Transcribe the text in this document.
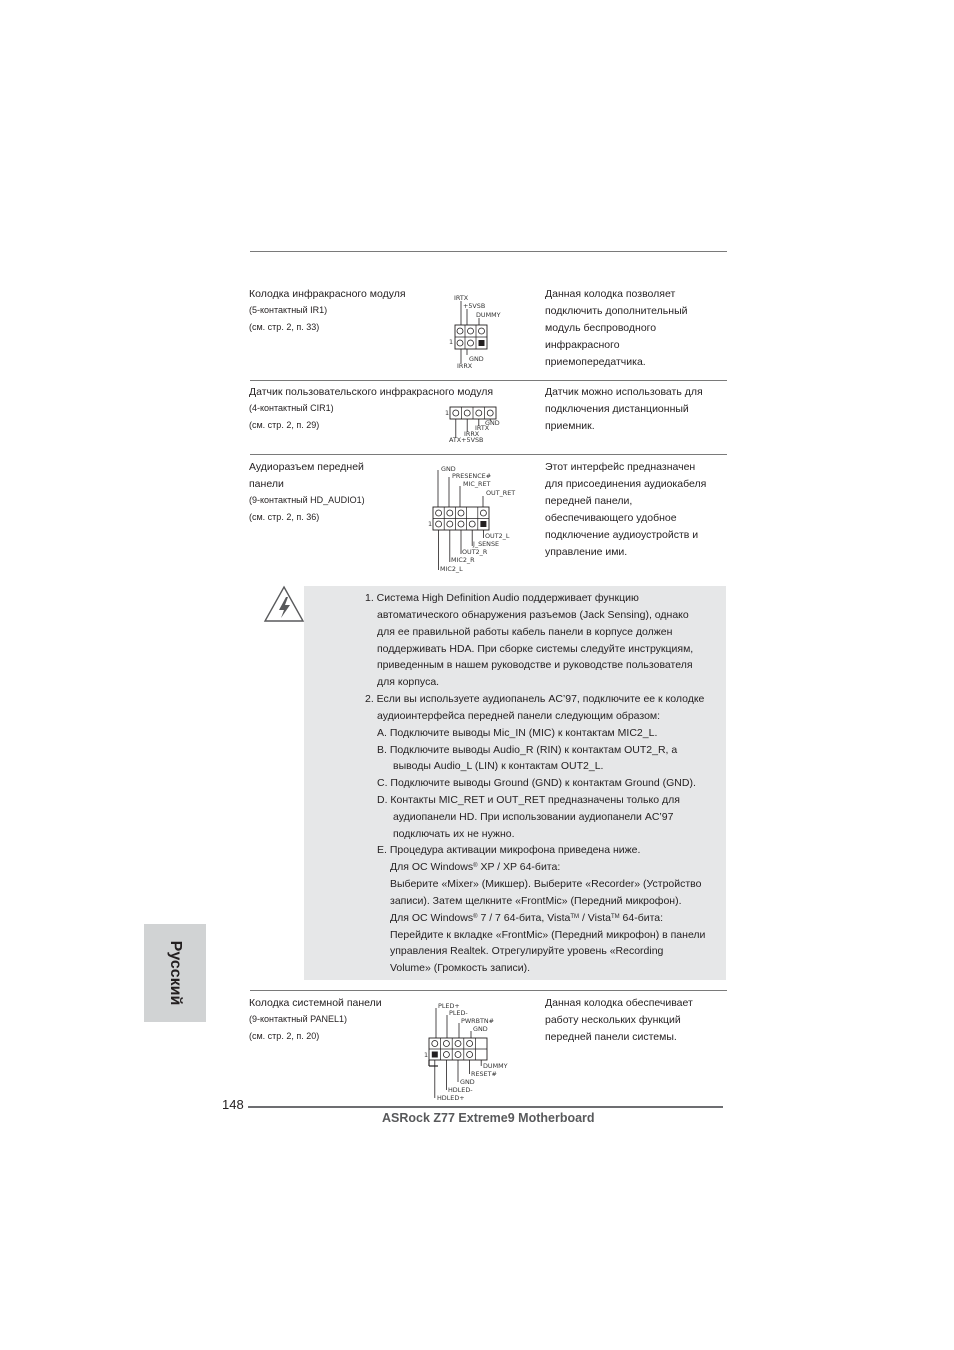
Колодка инфракрасного модуля
(5-контактный IR1)
(см. стр. 2, п. 33)
IRTX
+5VSB
DUMMY
GND
IRRX
1
Данная колодка позволяет
подключить дополнительный
модуль беспроводного
инфракрасного
приемопередатчика.
Датчик пользовательского инфракрасного модуля
(4-контактный CIR1)
(см. стр. 2, п. 29)	GND
IRTX
IRRX
ATX+5VSB
1
Датчик можно использовать для
подключения дистанционный
приемник.
Аудиоразъем передней
панели
(9-контактный HD_AUDIO1)
(см. стр. 2, п. 36)
GND
PRESENCE#
MIC_RET
OUT_RET
OUT2_L
J_SENSE
OUT2_R
MIC2_R
MIC2_L
1
Этот интерфейс предназначен
для присоединения аудиокабеля
передней панели,
обеспечивающего удобное
подключение аудиоустройств и
управление ими.
1. Система High Definition Audio поддерживает функцию
автоматического обнаружения разъемов (Jack Sensing), однако
для ее правильной работы кабель панели в корпусе должен
поддерживать HDA. При сборке системы следуйте инструкциям,
приведенным в нашем руководстве и руководстве пользователя
для корпуса.
2. Если вы используете аудиопанель AC’97, подключите ее к колодке
аудиоинтерфейса передней панели следующим образом:
A. Подключите выводы Mic_IN (MIC) к контактам MIC2_L.
B. Подключите выводы Audio_R (RIN) к контактам OUT2_R, а
выводы Audio_L (LIN) к контактам OUT2_L.
C. Подключите выводы Ground (GND) к контактам Ground (GND).
D. Контакты MIC_RET и OUT_RET предназначены только для
аудиопанели HD. При использовании аудиопанели AC’97
подключать их не нужно.
E. Процедура активации микрофона приведена ниже.
Для ОС Windows® XP / XP 64-бита:
Выберите «Mixer» (Микшер). Выберите «Recorder» (Устройство
записи). Затем щелкните «FrontMic» (Передний микрофон).
Для ОС Windows® 7 / 7 64-бита, Vista™ / Vista™ 64-бита:
Перейдите к вкладке «FrontMic» (Передний микрофон) в панели
управления Realtek. Отрегулируйте уровень «Recording
Volume» (Громкость записи).
Русский	Колодка системной панели
(9-контактный PANEL1)
(см. стр. 2, п. 20)
PLED+
PLED-
PWRBTN#
GND
DUMMY
RESET#
GND
HDLED-
HDLED+
1
Данная колодка обеспечивает
работу нескольких функций
передней панели системы.
148
ASRock Z77 Extreme9 Motherboard
